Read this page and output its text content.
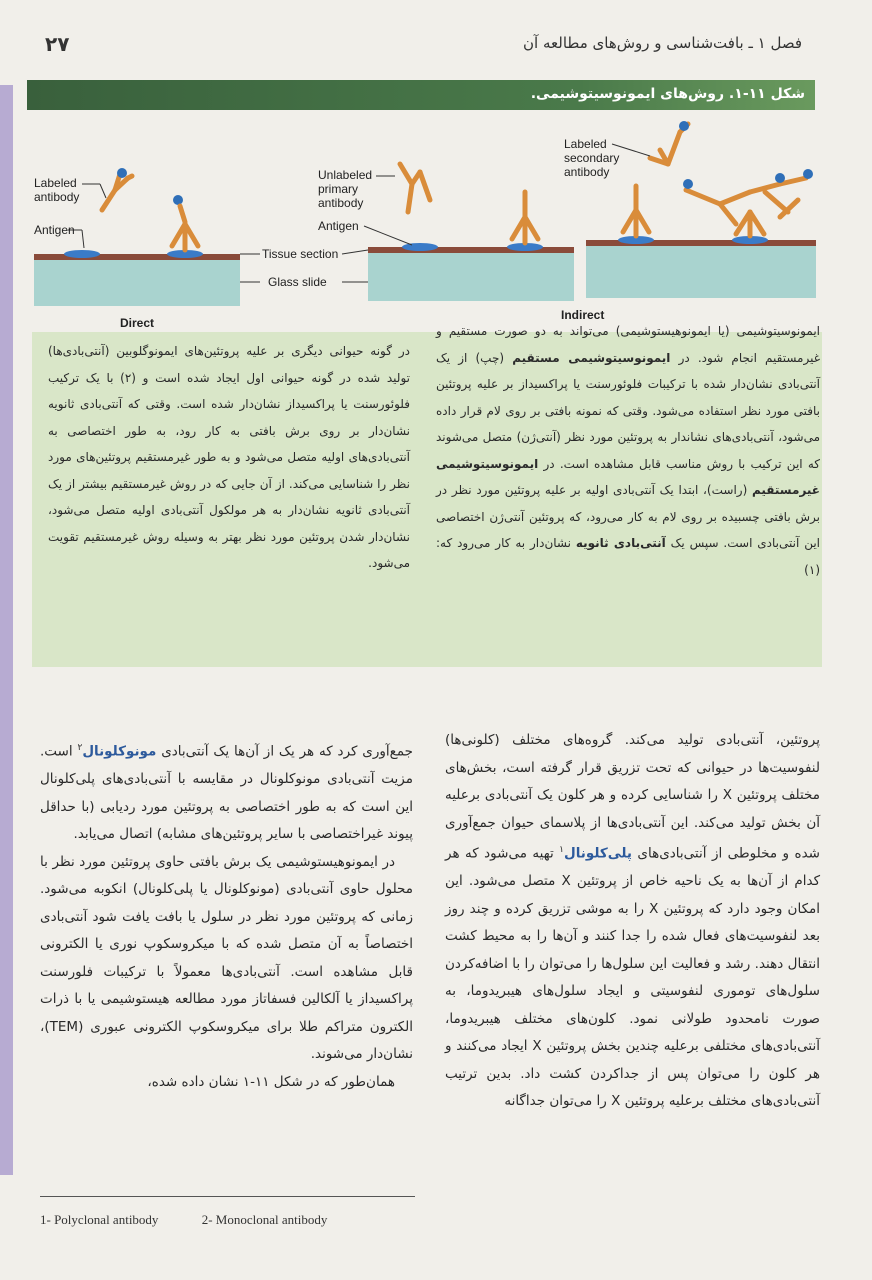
۲۷	فصل ۱ ـ بافت‌شناسی و روش‌های مطالعه آن
شکل ۱۱-۱. روش‌های ایمونوسیتوشیمی.
Labeled
antibody
Antigen
Unlabeled
primary
antibody
Antigen
Tissue section
Glass slide
Labeled
secondary
antibody
Direct
Indirect

ایمونوسیتوشیمی (یا ایمونوهیستوشیمی) می‌تواند به دو صورت مستقیم و غیرمستقیم انجام شود. در ایمونوسیتوشیمی مستقیم (چپ) از یک آنتی‌بادی نشان‌دار شده با ترکیبات فلوئورسنت یا پراکسیداز بر علیه پروتئین بافتی مورد نظر استفاده می‌شود. وقتی که نمونه بافتی بر روی لام قرار داده می‌شود، آنتی‌بادی‌های نشاندار به پروتئین مورد نظر (آنتی‌ژن) متصل می‌شوند که این ترکیب با روش مناسب قابل مشاهده است. در ایمونوسیتوشیمی غیرمستقیم (راست)، ابتدا یک آنتی‌بادی اولیه بر علیه پروتئین مورد نظر در برش بافتی چسبیده بر روی لام به کار می‌رود، که پروتئین آنتی‌ژن اختصاصی این آنتی‌بادی است. سپس یک آنتی‌بادی ثانویه نشان‌دار به کار می‌رود که: (۱)

در گونه حیوانی دیگری بر علیه پروتئین‌های ایمونوگلوبین (آنتی‌بادی‌ها) تولید شده در گونه حیوانی اول ایجاد شده است و (۲) با یک ترکیب فلوئورسنت یا پراکسیداز نشان‌دار شده است. وقتی که آنتی‌بادی ثانویه نشان‌دار بر روی برش بافتی به کار رود، به طور اختصاصی به آنتی‌بادی‌های اولیه متصل می‌شود و به طور غیرمستقیم پروتئین‌های مورد نظر را شناسایی می‌کند. از آن جایی که در روش غیرمستقیم بیشتر از یک آنتی‌بادی ثانویه نشان‌دار به هر مولکول آنتی‌بادی اولیه متصل می‌شود، نشان‌دار شدن پروتئین مورد نظر بهتر به وسیله روش غیرمستقیم تقویت می‌شود.

پروتئین، آنتی‌بادی تولید می‌کند. گروه‌های مختلف (کلونی‌ها) لنفوسیت‌ها در حیوانی که تحت تزریق قرار گرفته است، بخش‌های مختلف پروتئین X را شناسایی کرده و هر کلون یک آنتی‌بادی برعلیه آن بخش تولید می‌کند. این آنتی‌بادی‌ها از پلاسمای حیوان جمع‌آوری شده و مخلوطی از آنتی‌بادی‌های پلی‌کلونال$^۱$ تهیه می‌شود که هر کدام از آن‌ها به یک ناحیه خاص از پروتئین X متصل می‌شود. این امکان وجود دارد که پروتئین X را به موشی تزریق کرده و چند روز بعد لنفوسیت‌های فعال شده را جدا کنند و آن‌ها را به محیط کشت انتقال دهند. رشد و فعالیت این سلول‌ها را می‌توان را با اضافه‌کردن سلول‌های توموری لنفوسیتی و ایجاد سلول‌های هیبریدوما، به صورت نامحدود طولانی نمود. کلون‌های مختلف هیبریدوما، آنتی‌بادی‌های مختلفی برعلیه چندین بخش پروتئین X ایجاد می‌کنند و هر کلون را می‌توان پس از جداکردن کشت داد. بدین ترتیب آنتی‌بادی‌های مختلف برعلیه پروتئین X را می‌توان جداگانه

جمع‌آوری کرد که هر یک از آن‌ها یک آنتی‌بادی مونوکلونال$^۲$ است. مزیت آنتی‌بادی مونوکلونال در مقایسه با آنتی‌بادی‌های پلی‌کلونال این است که به طور اختصاصی به پروتئین مورد ردیابی (با حداقل پیوند غیراختصاصی با سایر پروتئین‌های مشابه) اتصال می‌یابد.

در ایمونوهیستوشیمی یک برش بافتی حاوی پروتئین مورد نظر با محلول حاوی آنتی‌بادی (مونوکلونال یا پلی‌کلونال) انکوبه می‌شود. زمانی که پروتئین مورد نظر در سلول یا بافت یافت شود آنتی‌بادی اختصاصاً به آن متصل شده که با میکروسکوپ نوری یا الکترونی قابل مشاهده است. آنتی‌بادی‌ها معمولاً با ترکیبات فلورسنت پراکسیداز یا آلکالین فسفاتاز مورد مطالعه هیستوشیمی یا با ذرات الکترون متراکم طلا برای میکروسکوپ الکترونی عبوری (TEM)، نشان‌دار می‌شوند.

همان‌طور که در شکل ۱۱-۱ نشان داده شده،

1- Polyclonal antibody	2- Monoclonal antibody
